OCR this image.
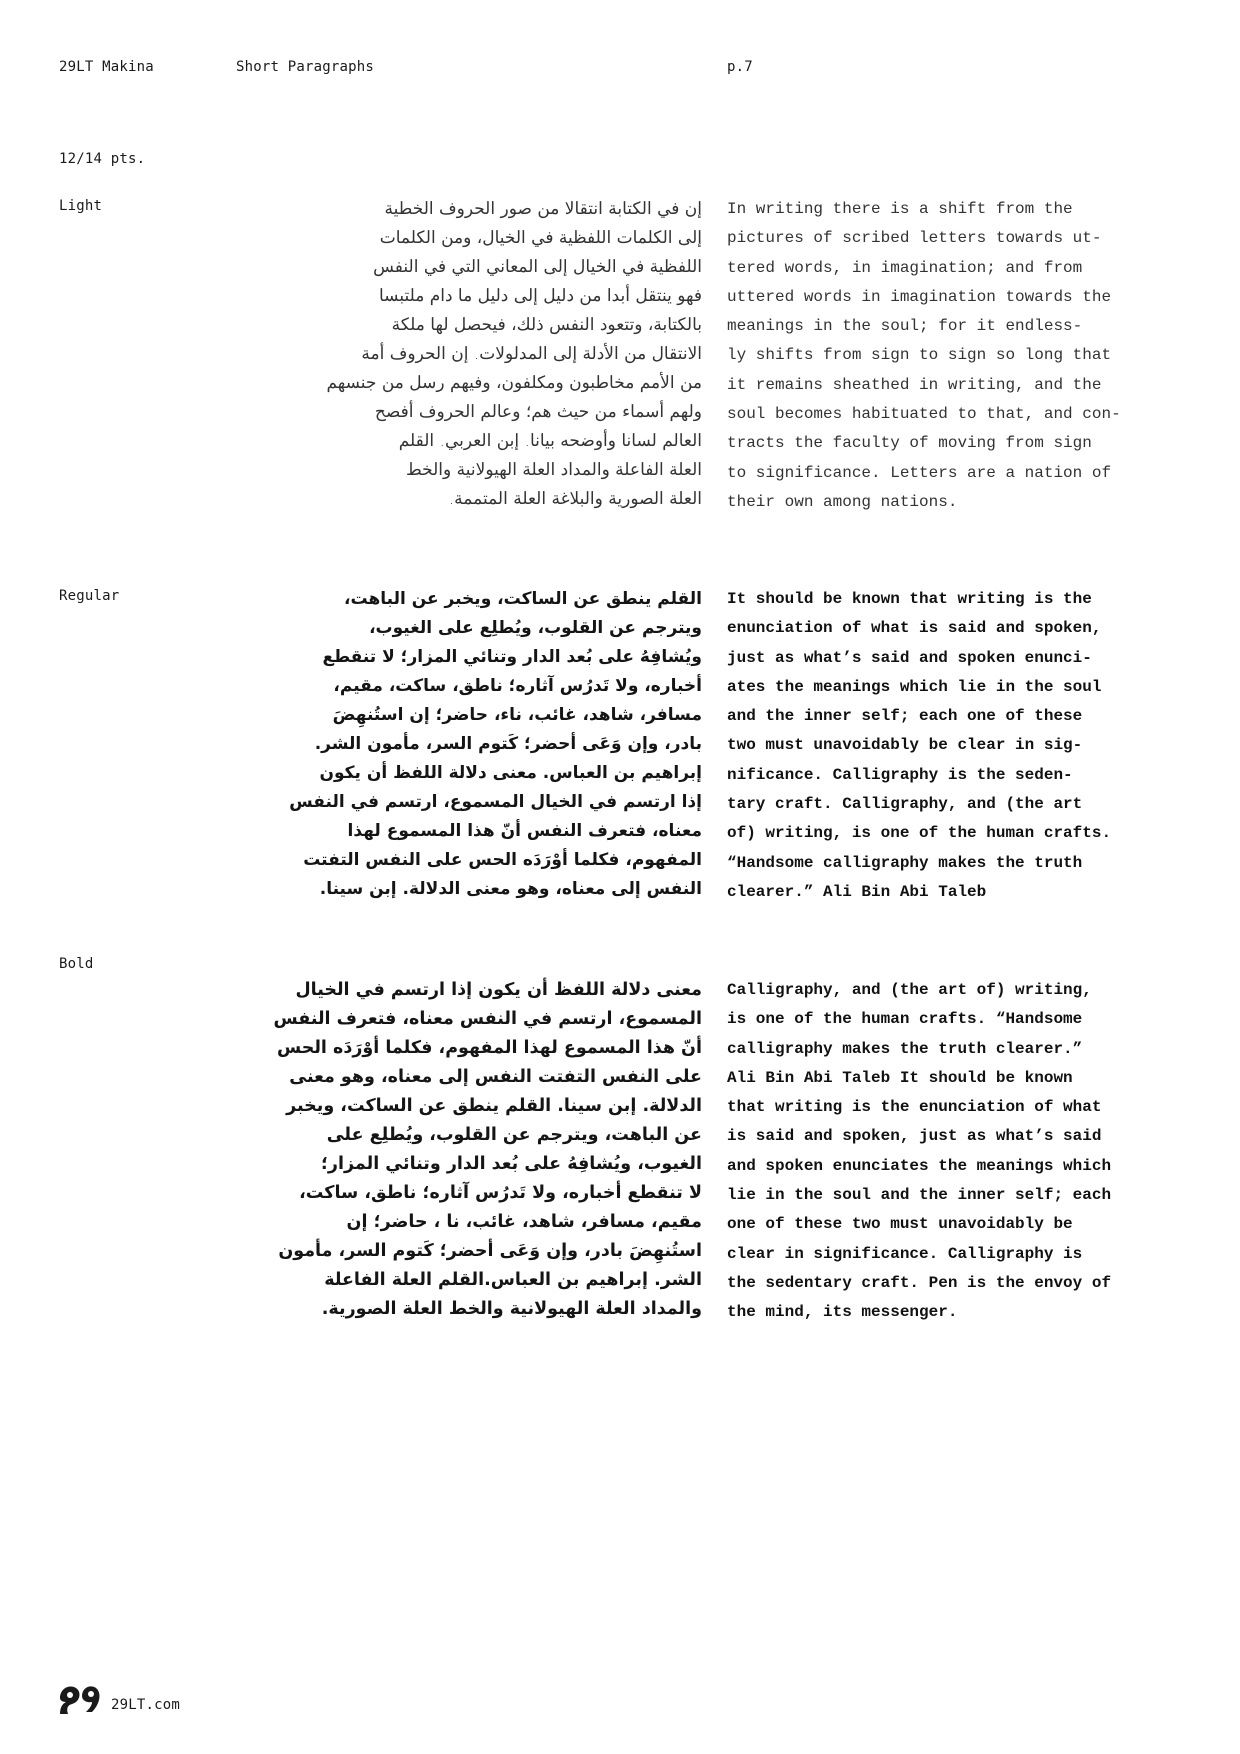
29LT Makina	Short Paragraphs	p.7
12/14 pts.
Light	إن في الكتابة انتقالا من صور الحروف الخطية
إلى الكلمات اللفظية في الخيال، ومن الكلمات
اللفظية في الخيال إلى المعاني التي في النفس
فهو ينتقل أبدا من دليل إلى دليل ما دام ملتبسا
بالكتابة، وتتعود النفس ذلك، فيحصل لها ملكة
الانتقال من الأدلة إلى المدلولات. إن الحروف أمة
من الأمم مخاطبون ومكلفون، وفيهم رسل من جنسهم
ولهم أسماء من حيث هم؛ وعالم الحروف أفصح
العالم لسانا وأوضحه بيانا. إبن العربي. القلم
العلة الفاعلة والمداد العلة الهيولانية والخط
العلة الصورية والبلاغة العلة المتممة.
In writing there is a shift from the
pictures of scribed letters towards ut-
tered words, in imagination; and from
uttered words in imagination towards the
meanings in the soul; for it endless-
ly shifts from sign to sign so long that
it remains sheathed in writing, and the
soul becomes habituated to that, and con-
tracts the faculty of moving from sign
to significance. Letters are a nation of
their own among nations.
Regular	القلم ينطق عن الساكت، ويخبر عن الباهت،
ويترجم عن القلوب، ويُطلِع على الغيوب،
ويُشافِهُ على بُعد الدار وتنائي المزار؛ لا تنقطع
أخباره، ولا تَدرُس آثاره؛ ناطق، ساكت، مقيم،
مسافر، شاهد، غائب، ناء، حاضر؛ إن استُنهِضَ
بادر، وإن وَعَى أحضر؛ كَتوم السر، مأمون الشر.
إبراهيم بن العباس. معنى دلالة اللفظ أن يكون
إذا ارتسم في الخيال المسموع، ارتسم في النفس
معناه، فتعرف النفس أنّ هذا المسموع لهذا
المفهوم، فكلما أوْرَدَه الحس على النفس التفتت
النفس إلى معناه، وهو معنى الدلالة. إبن سينا.
It should be known that writing is the
enunciation of what is said and spoken,
just as what’s said and spoken enunci-
ates the meanings which lie in the soul
and the inner self; each one of these
two must unavoidably be clear in sig-
nificance. Calligraphy is the seden-
tary craft. Calligraphy, and (the art
of) writing, is one of the human crafts.
“Handsome calligraphy makes the truth
clearer.” Ali Bin Abi Taleb
Bold
معنى دلالة اللفظ أن يكون إذا ارتسم في الخيال
المسموع، ارتسم في النفس معناه، فتعرف النفس
أنّ هذا المسموع لهذا المفهوم، فكلما أوْرَدَه الحس
على النفس التفتت النفس إلى معناه، وهو معنى
الدلالة. إبن سينا. القلم ينطق عن الساكت، ويخبر
عن الباهت، ويترجم عن القلوب، ويُطلِع على
الغيوب، ويُشافِهُ على بُعد الدار وتنائي المزار؛
لا تنقطع أخباره، ولا تَدرُس آثاره؛ ناطق، ساكت،
مقيم، مسافر، شاهد، غائب، نا ، حاضر؛ إن
استُنهِضَ بادر، وإن وَعَى أحضر؛ كَتوم السر، مأمون
الشر. إبراهيم بن العباس.القلم العلة الفاعلة
والمداد العلة الهيولانية والخط العلة الصورية.
Calligraphy, and (the art of) writing,
is one of the human crafts. “Handsome
calligraphy makes the truth clearer.”
Ali Bin Abi Taleb It should be known
that writing is the enunciation of what
is said and spoken, just as what’s said
and spoken enunciates the meanings which
lie in the soul and the inner self; each
one of these two must unavoidably be
clear in significance. Calligraphy is
the sedentary craft. Pen is the envoy of
the mind, its messenger.
29LT.com
